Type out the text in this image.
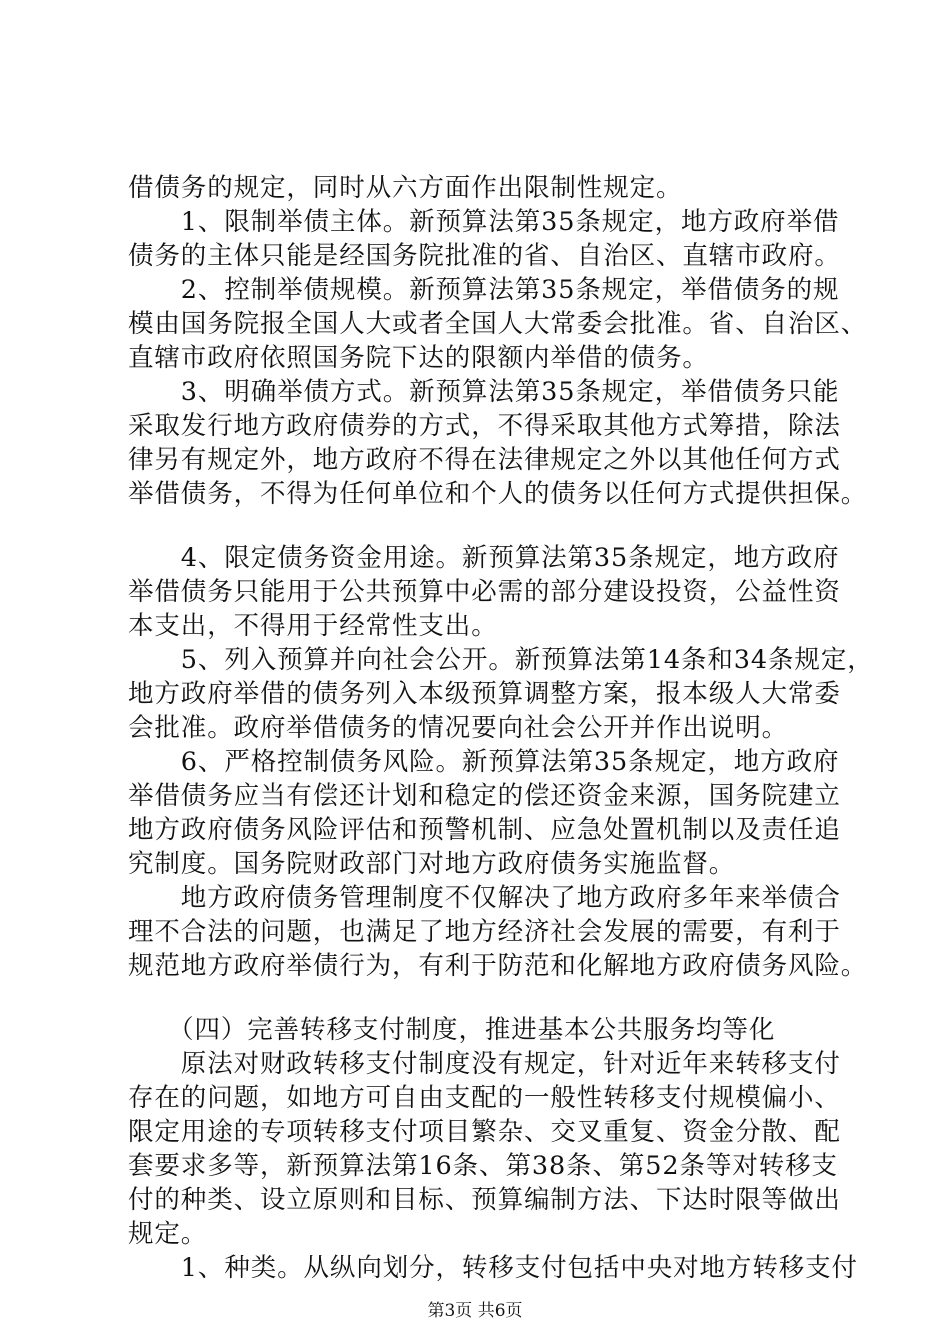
借债务的规定，同时从六方面作出限制性规定。
　　1、限制举债主体。新预算法第35条规定，地方政府举借
债务的主体只能是经国务院批准的省、自治区、直辖市政府。
　　2、控制举债规模。新预算法第35条规定，举借债务的规
模由国务院报全国人大或者全国人大常委会批准。省、自治区、
直辖市政府依照国务院下达的限额内举借的债务。
　　3、明确举债方式。新预算法第35条规定，举借债务只能
采取发行地方政府债券的方式，不得采取其他方式筹措，除法
律另有规定外，地方政府不得在法律规定之外以其他任何方式
举借债务，不得为任何单位和个人的债务以任何方式提供担保。
　　4、限定债务资金用途。新预算法第35条规定，地方政府
举借债务只能用于公共预算中必需的部分建设投资，公益性资
本支出，不得用于经常性支出。
　　5、列入预算并向社会公开。新预算法第14条和34条规定，
地方政府举借的债务列入本级预算调整方案，报本级人大常委
会批准。政府举借债务的情况要向社会公开并作出说明。
　　6、严格控制债务风险。新预算法第35条规定，地方政府
举借债务应当有偿还计划和稳定的偿还资金来源，国务院建立
地方政府债务风险评估和预警机制、应急处置机制以及责任追
究制度。国务院财政部门对地方政府债务实施监督。
　　地方政府债务管理制度不仅解决了地方政府多年来举债合
理不合法的问题，也满足了地方经济社会发展的需要，有利于
规范地方政府举债行为，有利于防范和化解地方政府债务风险。
　　（四）完善转移支付制度，推进基本公共服务均等化
　　原法对财政转移支付制度没有规定，针对近年来转移支付
存在的问题，如地方可自由支配的一般性转移支付规模偏小、
限定用途的专项转移支付项目繁杂、交叉重复、资金分散、配
套要求多等，新预算法第16条、第38条、第52条等对转移支
付的种类、设立原则和目标、预算编制方法、下达时限等做出
规定。
　　1、种类。从纵向划分，转移支付包括中央对地方转移支付
第3页 共6页
